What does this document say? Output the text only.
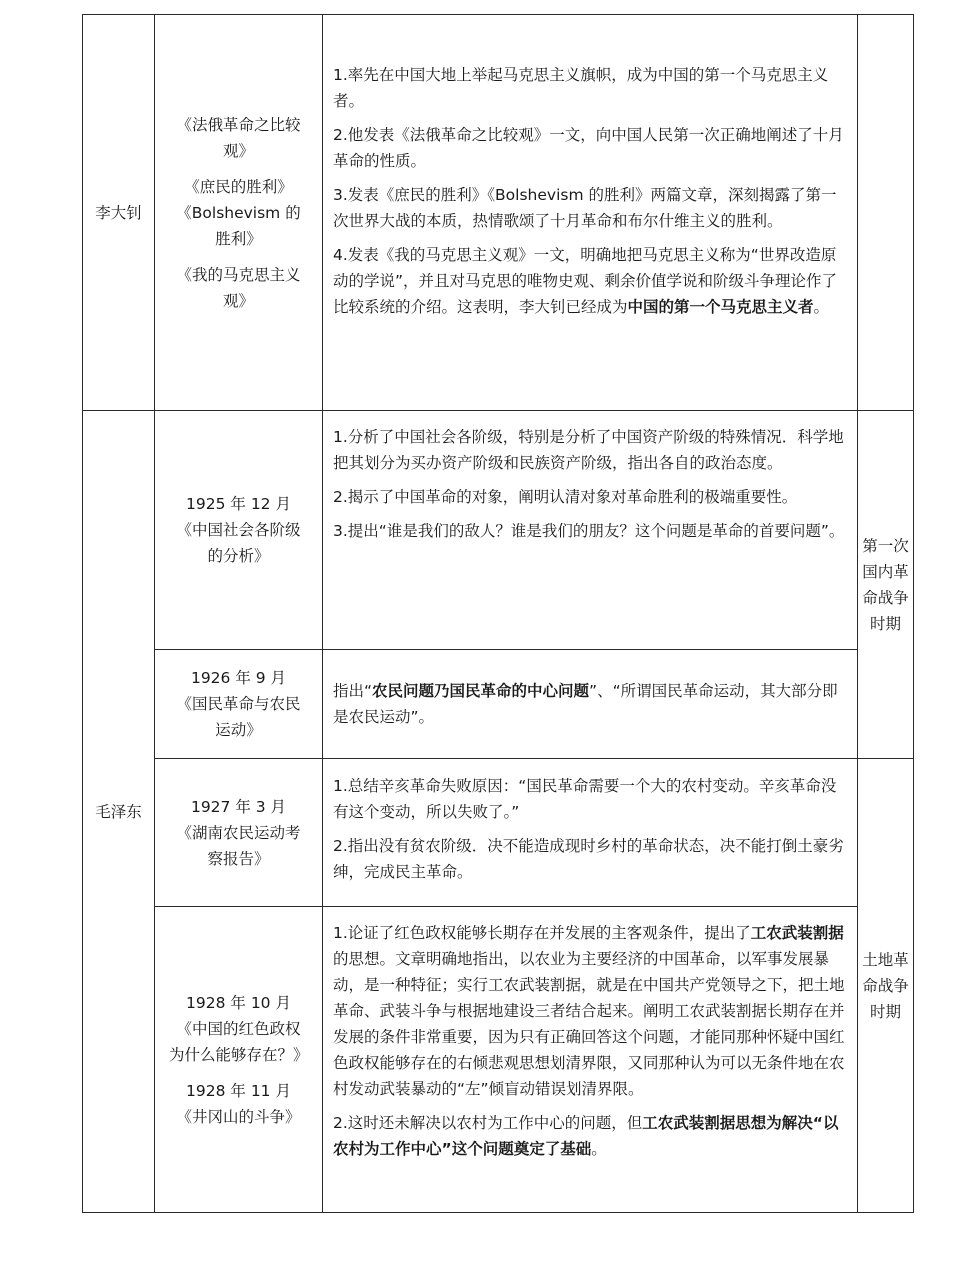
李大钊

《法俄革命之比较观》

《庶民的胜利》《Bolshevism 的胜利》

《我的马克思主义观》

1.率先在中国大地上举起马克思主义旗帜，成为中国的第一个马克思主义者。

2.他发表《法俄革命之比较观》一文，向中国人民第一次正确地阐述了十月革命的性质。

3.发表《庶民的胜利》《Bolshevism 的胜利》两篇文章，深刻揭露了第一次世界大战的本质，热情歌颂了十月革命和布尔什维主义的胜利。

4.发表《我的马克思主义观》一文，明确地把马克思主义称为“世界改造原动的学说”，并且对马克思的唯物史观、剩余价值学说和阶级斗争理论作了比较系统的介绍。这表明，李大钊已经成为中国的第一个马克思主义者。

毛泽东
1925 年 12 月
《中国社会各阶级的分析》

1.分析了中国社会各阶级，特别是分析了中国资产阶级的特殊情况．科学地把其划分为买办资产阶级和民族资产阶级，指出各自的政治态度。

2.揭示了中国革命的对象，阐明认清对象对革命胜利的极端重要性。

3.提出“谁是我们的敌人？谁是我们的朋友？这个问题是革命的首要问题”。

1926 年 9 月
《国民革命与农民运动》

指出“农民问题乃国民革命的中心问题”、“所谓国民革命运动，其大部分即是农民运动”。

第一次国内革命战争时期
1927 年 3 月
《湖南农民运动考察报告》

1.总结辛亥革命失败原因：“国民革命需要一个大的农村变动。辛亥革命没有这个变动，所以失败了。”

2.指出没有贫农阶级．决不能造成现时乡村的革命状态，决不能打倒土豪劣绅，完成民主革命。

1928 年 10 月
《中国的红色政权为什么能够存在？》

1928 年 11 月
《井冈山的斗争》

1.论证了红色政权能够长期存在并发展的主客观条件，提出了工农武装割据的思想。文章明确地指出，以农业为主要经济的中国革命，以军事发展暴动，是一种特征；实行工农武装割据，就是在中国共产党领导之下，把土地革命、武装斗争与根据地建设三者结合起来。阐明工农武装割据长期存在并发展的条件非常重要，因为只有正确回答这个问题，才能同那种怀疑中国红色政权能够存在的右倾悲观思想划清界限，又同那种认为可以无条件地在农村发动武装暴动的“左”倾盲动错误划清界限。

2.这时还未解决以农村为工作中心的问题，但工农武装割据思想为解决“以农村为工作中心”这个问题奠定了基础。

土地革命战争时期
